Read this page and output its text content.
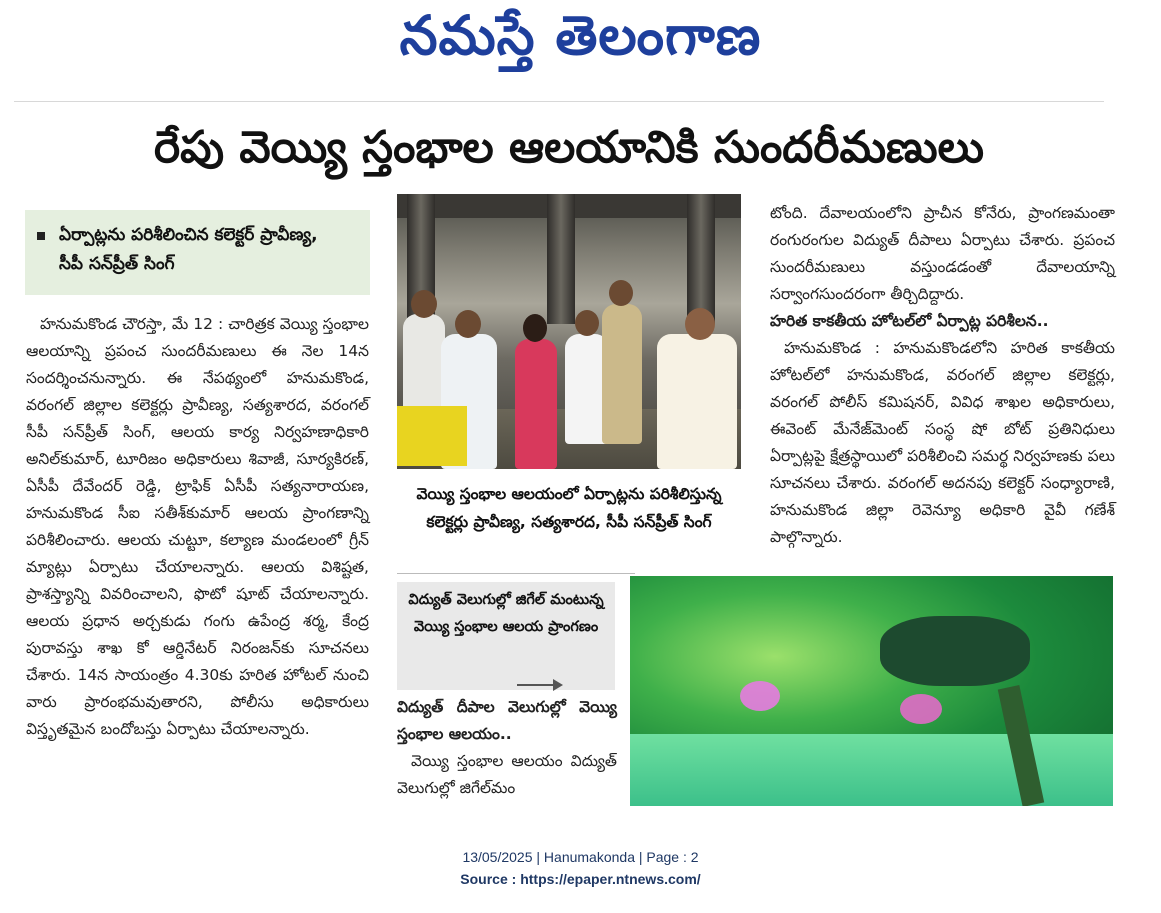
నమస్తే తెలంగాణ
రేపు వెయ్యి స్తంభాల ఆలయానికి సుందరీమణులు
ఏర్పాట్లను పరిశీలించిన కలెక్టర్ ప్రావీణ్య,
సీపీ సన్‌ప్రీత్ సింగ్

హనుమకొండ చౌరస్తా, మే 12 : చారిత్రక వెయ్యి స్తంభాల ఆలయాన్ని ప్రపంచ సుందరీమణులు ఈ నెల 14న సందర్శించనున్నారు. ఈ నేపథ్యంలో హనుమకొండ, వరంగల్ జిల్లాల కలెక్టర్లు ప్రావీణ్య, సత్యశారద, వరంగల్ సీపీ సన్‌ప్రీత్ సింగ్, ఆలయ కార్య నిర్వహణాధికారి అనిల్‌కుమార్, టూరిజం అధికారులు శివాజీ, సూర్యకిరణ్, ఏసీపీ దేవేందర్ రెడ్డి, ట్రాఫిక్ ఏసీపీ సత్యనారాయణ, హనుమకొండ సీఐ సతీశ్‌కుమార్ ఆలయ ప్రాంగణాన్ని పరిశీలించారు. ఆలయ చుట్టూ, కల్యాణ మండలంలో గ్రీన్ మ్యాట్లు ఏర్పాటు చేయాలన్నారు. ఆలయ విశిష్టత, ప్రాశస్త్యాన్ని వివరించాలని, ఫొటో షూట్ చేయాలన్నారు. ఆలయ ప్రధాన అర్చకుడు గంగు ఉపేంద్ర శర్మ, కేంద్ర పురావస్తు శాఖ కో ఆర్డినేటర్ నిరంజన్‌కు సూచనలు చేశారు. 14న సాయంత్రం 4.30కు హరిత హోటల్ నుంచి వారు ప్రారంభమవుతారని, పోలీసు అధికారులు విస్తృతమైన బందోబస్తు ఏర్పాటు చేయాలన్నారు.

వెయ్యి స్తంభాల ఆలయంలో ఏర్పాట్లను పరిశీలిస్తున్న కలెక్టర్లు ప్రావీణ్య, సత్యశారద, సీపీ సన్‌ప్రీత్ సింగ్
విద్యుత్ వెలుగుల్లో జిగేల్ మంటున్న వెయ్యి స్తంభాల ఆలయ ప్రాంగణం

విద్యుత్ దీపాల వెలుగుల్లో వెయ్యి స్తంభాల ఆలయం..

వెయ్యి స్తంభాల ఆలయం విద్యుత్ వెలుగుల్లో జిగేల్‌మం

టోంది. దేవాలయంలోని ప్రాచీన కోనేరు, ప్రాంగణమంతా రంగురంగుల విద్యుత్ దీపాలు ఏర్పాటు చేశారు. ప్రపంచ సుందరీమణులు వస్తుండడంతో దేవాలయాన్ని సర్వాంగసుందరంగా తీర్చిదిద్దారు.

హరిత కాకతీయ హోటల్‌లో ఏర్పాట్ల పరిశీలన..

హనుమకొండ : హనుమకొండలోని హరిత కాకతీయ హోటల్‌లో హనుమకొండ, వరంగల్ జిల్లాల కలెక్టర్లు, వరంగల్ పోలీస్ కమిషనర్, వివిధ శాఖల అధికారులు, ఈవెంట్ మేనేజ్‌మెంట్ సంస్థ షో బోట్ ప్రతినిధులు ఏర్పాట్లపై క్షేత్రస్థాయిలో పరిశీలించి సమర్థ నిర్వహణకు పలు సూచనలు చేశారు. వరంగల్ అదనపు కలెక్టర్ సంధ్యారాణి, హనుమకొండ జిల్లా రెవెన్యూ అధికారి వైవీ గణేశ్ పాల్గొన్నారు.

13/05/2025 | Hanumakonda | Page : 2
Source : https://epaper.ntnews.com/
